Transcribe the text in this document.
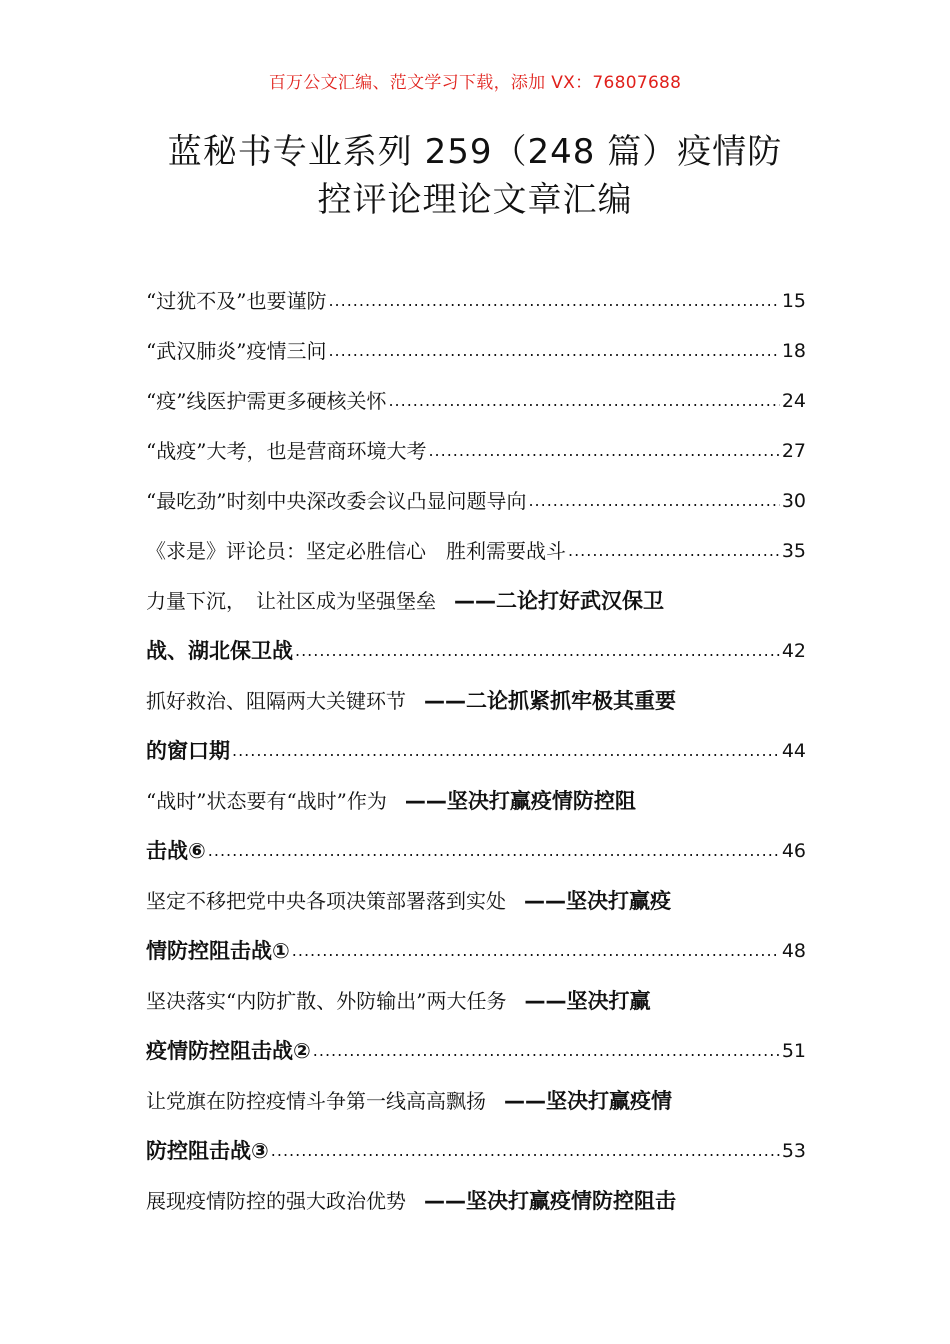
百万公文汇编、范文学习下载，添加 VX：76807688
蓝秘书专业系列 259（248 篇）疫情防
控评论理论文章汇编
“过犹不及”也要谨防 .....	15
“武汉肺炎”疫情三问 .....	18
“疫”线医护需更多硬核关怀 .....	24
“战疫”大考，也是营商环境大考 .....	27
“最吃劲”时刻中央深改委会议凸显问题导向 .....	30
《求是》评论员：坚定必胜信心　胜利需要战斗 .....	35
力量下沉，　让社区成为坚强堡垒 ——二论打好武汉保卫
战、湖北保卫战 .....	42
抓好救治、阻隔两大关键环节 ——二论抓紧抓牢极其重要
的窗口期 .....	44
“战时”状态要有“战时”作为 ——坚决打赢疫情防控阻
击战⑥ .....	46
坚定不移把党中央各项决策部署落到实处 ——坚决打赢疫
情防控阻击战① .....	48
坚决落实“内防扩散、外防输出”两大任务 ——坚决打赢
疫情防控阻击战② .....	51
让党旗在防控疫情斗争第一线高高飘扬 ——坚决打赢疫情
防控阻击战③ .....	53
展现疫情防控的强大政治优势 ——坚决打赢疫情防控阻击
